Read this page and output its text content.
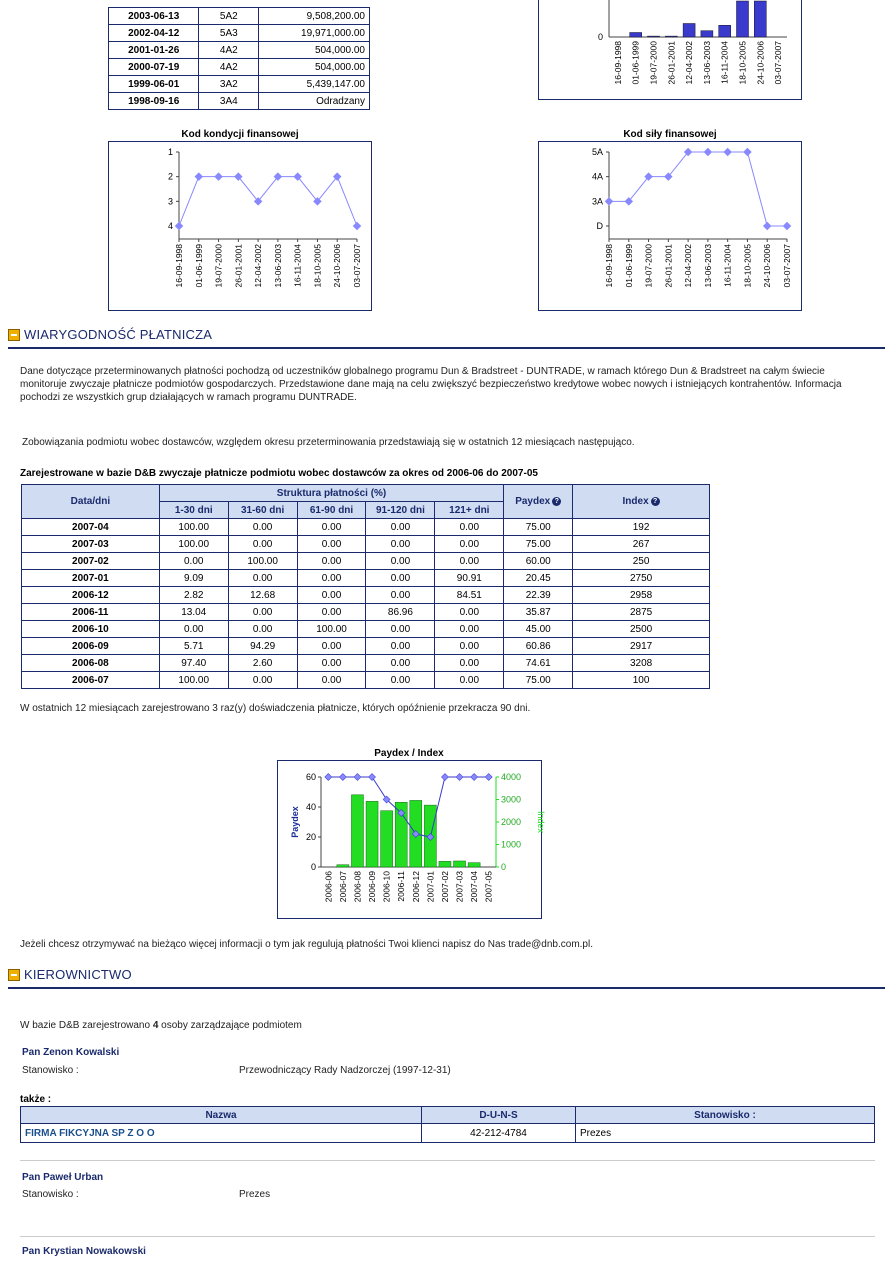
2003-06-13	5A2	9,508,200.00
2002-04-12	5A3	19,971,000.00
2001-01-26	4A2	504,000.00
2000-07-19	4A2	504,000.00
1999-06-01	3A2	5,439,147.00
1998-09-16	3A4	Odradzany
0
16-09-1998 01-06-1999 19-07-2000 26-01-2001 12-04-2002 13-06-2003 16-11-2004 18-10-2005 24-10-2006 03-07-2007
Kod kondycji finansowej
1
2
3
4
16-09-1998 01-06-1999 19-07-2000 26-01-2001 12-04-2002 13-06-2003 16-11-2004 18-10-2005 24-10-2006 03-07-2007
Kod siły finansowej
5A
4A
3A
D
16-09-1998 01-06-1999 19-07-2000 26-01-2001 12-04-2002 13-06-2003 16-11-2004 18-10-2005 24-10-2006 03-07-2007
WIARYGODNOŚĆ PŁATNICZA
Dane dotyczące przeterminowanych płatności pochodzą od uczestników globalnego programu Dun & Bradstreet - DUNTRADE, w ramach którego Dun & Bradstreet na całym świecie monitoruje zwyczaje płatnicze podmiotów gospodarczych. Przedstawione dane mają na celu zwiększyć bezpieczeństwo kredytowe wobec nowych i istniejących kontrahentów. Informacja pochodzi ze wszystkich grup działających w ramach programu DUNTRADE.
Zobowiązania podmiotu wobec dostawców, względem okresu przeterminowania przedstawiają się w ostatnich 12 miesiącach następująco.
Zarejestrowane w bazie D&B zwyczaje płatnicze podmiotu wobec dostawców za okres od 2006-06 do 2007-05
Data/dni	Struktura płatności (%)					Paydex ?	Index ?
	1-30 dni	31-60 dni	61-90 dni	91-120 dni	121+ dni		
2007-04	100.00	0.00	0.00	0.00	0.00	75.00	192
2007-03	100.00	0.00	0.00	0.00	0.00	75.00	267
2007-02	0.00	100.00	0.00	0.00	0.00	60.00	250
2007-01	9.09	0.00	0.00	0.00	90.91	20.45	2750
2006-12	2.82	12.68	0.00	0.00	84.51	22.39	2958
2006-11	13.04	0.00	0.00	86.96	0.00	35.87	2875
2006-10	0.00	0.00	100.00	0.00	0.00	45.00	2500
2006-09	5.71	94.29	0.00	0.00	0.00	60.86	2917
2006-08	97.40	2.60	0.00	0.00	0.00	74.61	3208
2006-07	100.00	0.00	0.00	0.00	0.00	75.00	100
W ostatnich 12 miesiącach zarejestrowano 3 raz(y) doświadczenia płatnicze, których opóźnienie przekracza 90 dni.
Paydex / Index
0
20
40
60
0
1000
2000
3000
4000
Paydex	Index
2006-06 2006-07 2006-08 2006-09 2006-10 2006-11 2006-12 2007-01 2007-02 2007-03 2007-04 2007-05
Jeżeli chcesz otrzymywać na bieżąco więcej informacji o tym jak regulują płatności Twoi klienci napisz do Nas trade@dnb.com.pl.
KIEROWNICTWO
W bazie D&B zarejestrowano 4 osoby zarządzające podmiotem
Pan Zenon Kowalski
Stanowisko :	Przewodniczący Rady Nadzorczej (1997-12-31)
także :
Nazwa	D-U-N-S	Stanowisko :
FIRMA FIKCYJNA SP Z O O	42-212-4784	Prezes
Pan Paweł Urban
Stanowisko :	Prezes
Pan Krystian Nowakowski
